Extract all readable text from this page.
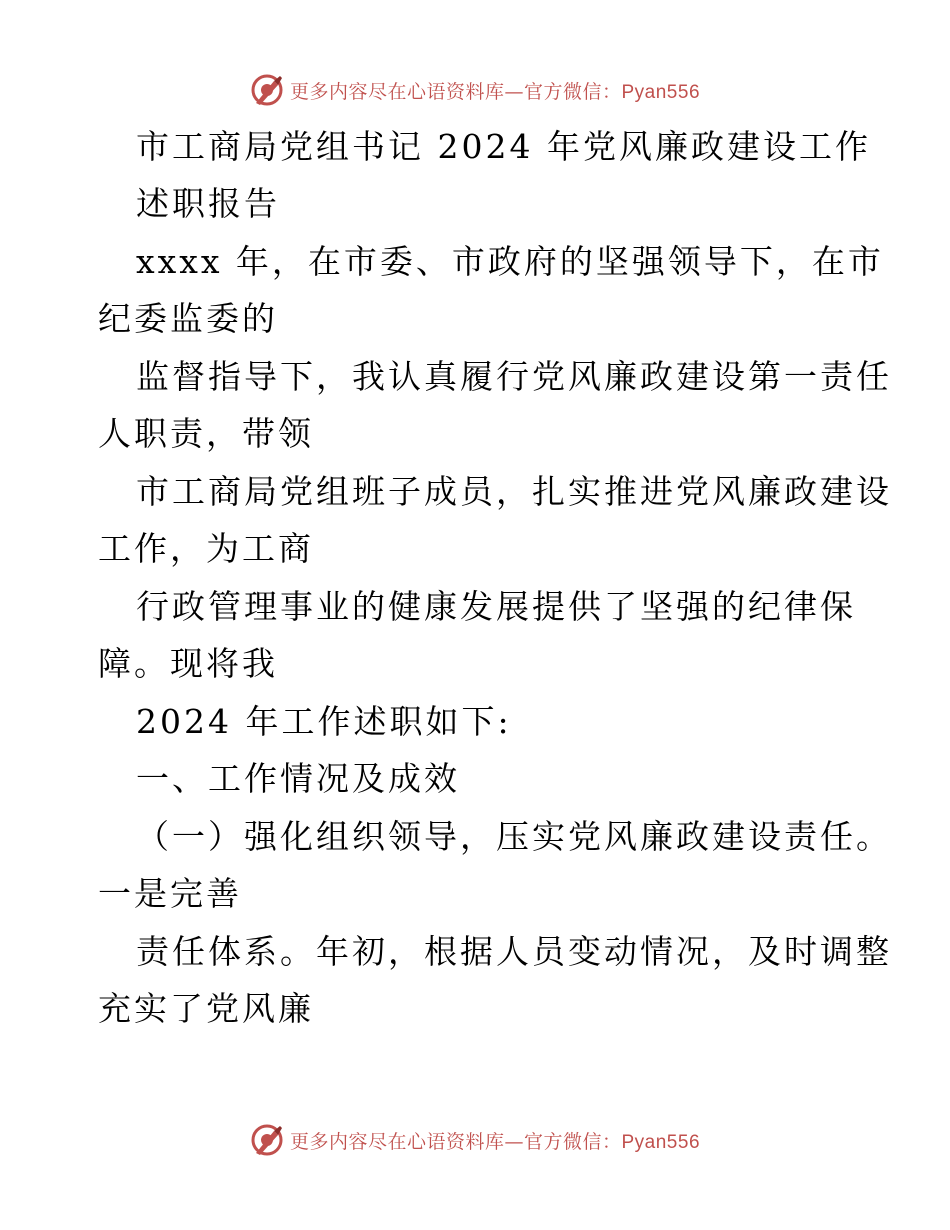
更多内容尽在心语资料库—官方微信：Pyan556
市工商局党组书记 2024 年党风廉政建设工作
述职报告
xxxx 年，在市委、市政府的坚强领导下，在市
纪委监委的
监督指导下，我认真履行党风廉政建设第一责任
人职责，带领
市工商局党组班子成员，扎实推进党风廉政建设
工作，为工商
行政管理事业的健康发展提供了坚强的纪律保
障。现将我
2024 年工作述职如下:
一、工作情况及成效
（一）强化组织领导，压实党风廉政建设责任。
一是完善
责任体系。年初，根据人员变动情况，及时调整
充实了党风廉
更多内容尽在心语资料库—官方微信：Pyan556
